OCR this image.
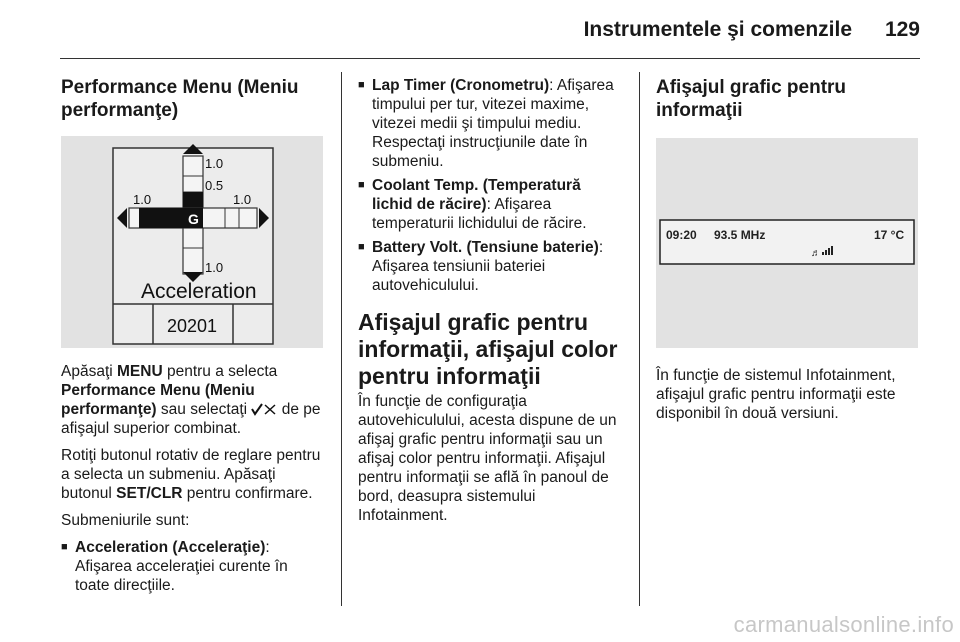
Instrumentele şi comenzile 129
Performance Menu (Meniu
performanţe)
1.0
0.5
1.0	1.0
1.0
G
Acceleration
20201

Apăsaţi MENU pentru a selecta Performance Menu (Meniu performanţe) sau selectaţi  de pe afişajul superior combinat.

Rotiţi butonul rotativ de reglare pentru a selecta un submeniu. Apăsaţi butonul SET/CLR pentru confirmare.

Submeniurile sunt:

■ Acceleration (Acceleraţie): Afişarea acceleraţiei curente în toate direcţiile.
■ Lap Timer (Cronometru): Afişarea timpului per tur, vitezei maxime, vitezei medii şi timpului mediu. Respectaţi instrucţiunile date în submeniu.
■ Coolant Temp. (Temperatură lichid de răcire): Afişarea temperaturii lichidului de răcire.
■ Battery Volt. (Tensiune baterie): Afişarea tensiunii bateriei autovehiculului.
Afişajul grafic pentru informaţii, afişajul color pentru informaţii

În funcţie de configuraţia autovehiculului, acesta dispune de un afişaj grafic pentru informaţii sau un afişaj color pentru informaţii. Afişajul pentru informaţii se află în panoul de bord, deasupra sistemului Infotainment.

Afişajul grafic pentru informaţii
09:20 93.5 MHz	17 °C
♬

În funcţie de sistemul Infotainment, afişajul grafic pentru informaţii este disponibil în două versiuni.

carmanualsonline.info
